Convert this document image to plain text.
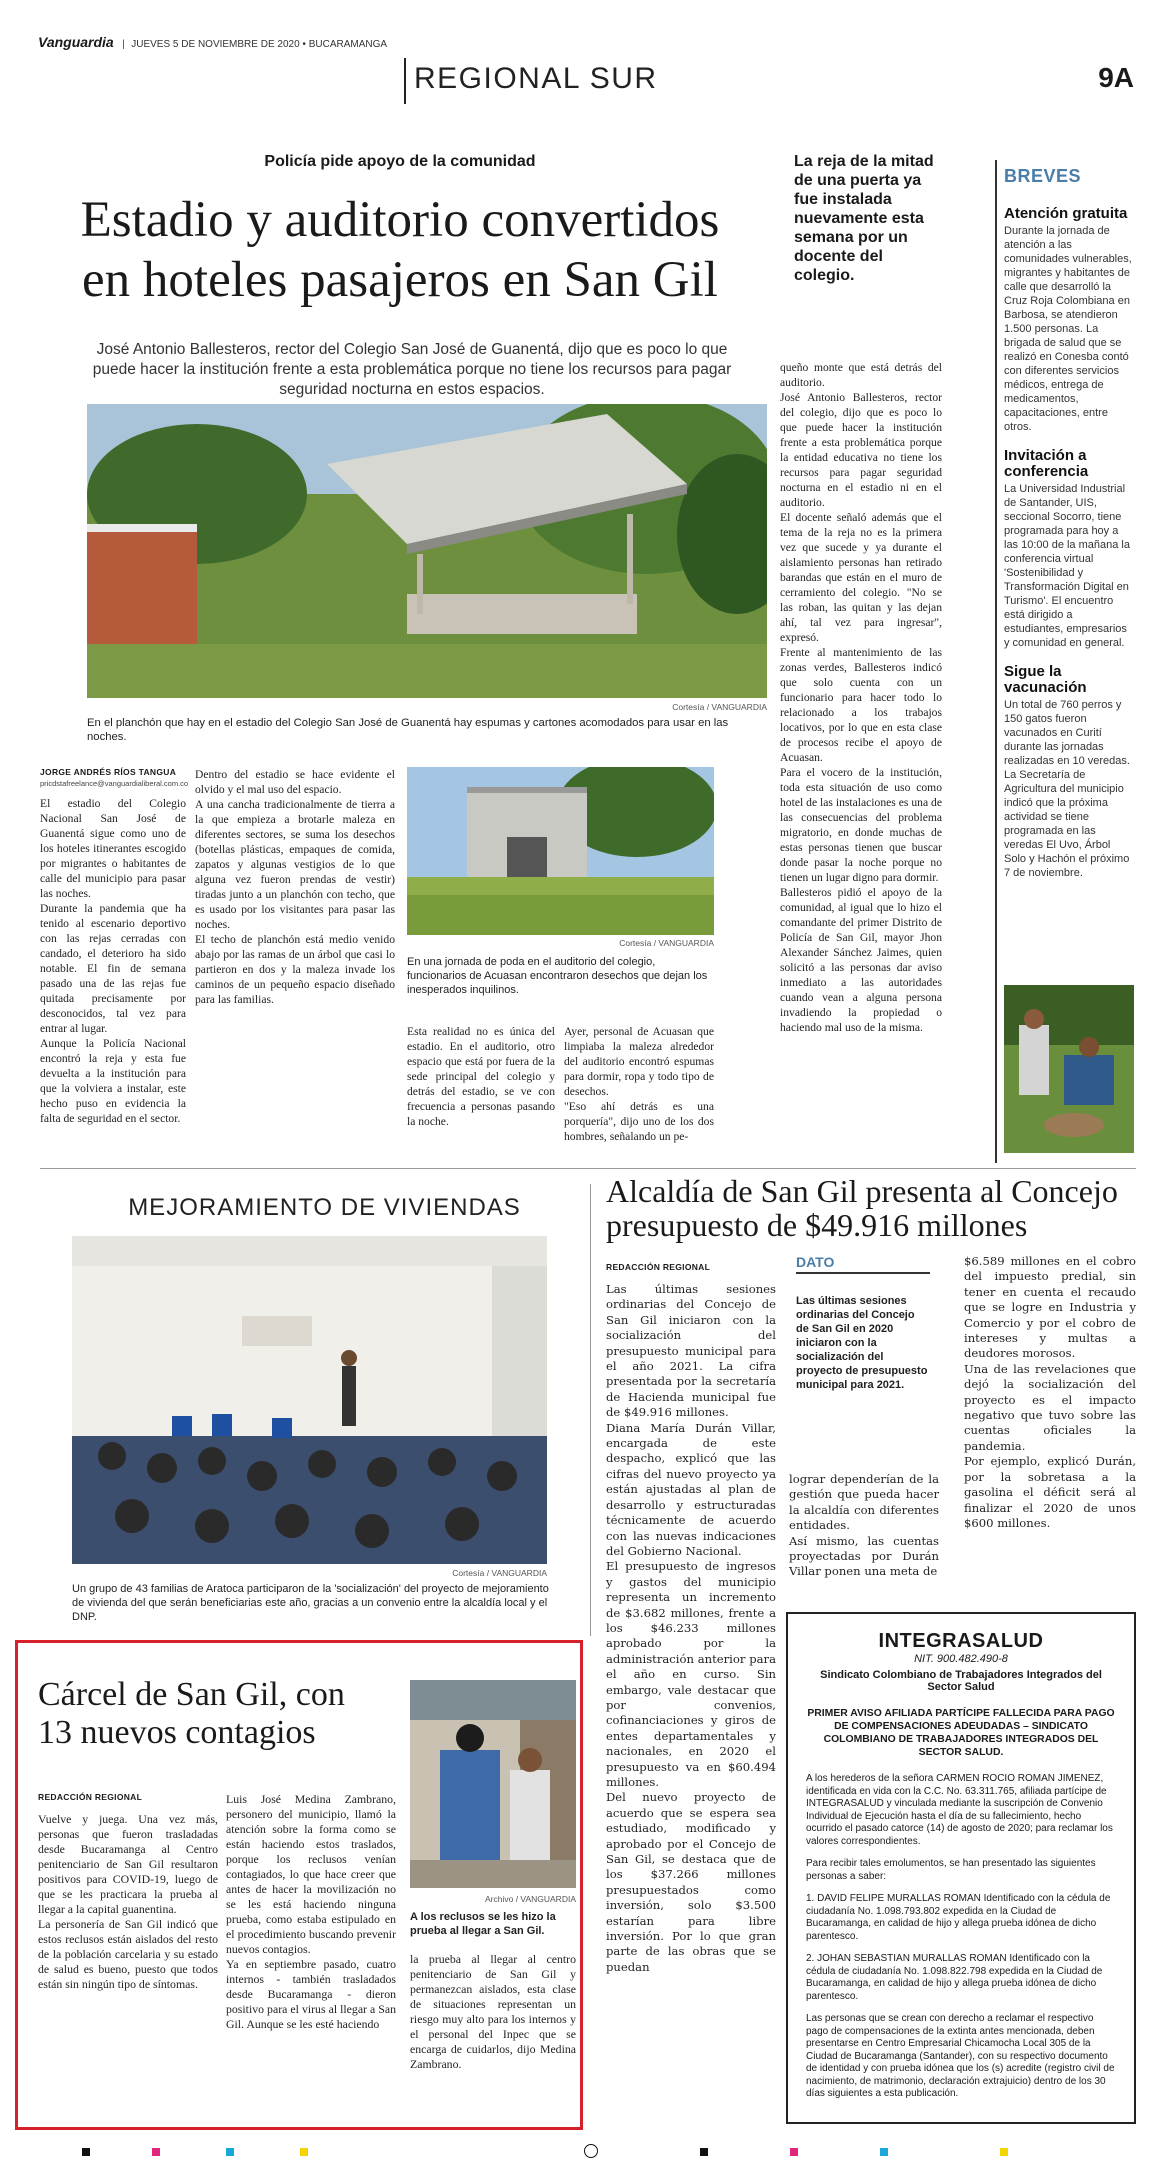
Vanguardia | JUEVES 5 DE NOVIEMBRE DE 2020 • BUCARAMANGA
REGIONAL SUR	9A
Policía pide apoyo de la comunidad
Estadio y auditorio convertidos
en hoteles pasajeros en San Gil
La reja de la mitad de una puerta ya fue instalada nuevamente esta semana por un docente del colegio.
José Antonio Ballesteros, rector del Colegio San José de Guanentá, dijo que es poco lo que puede hacer la institución frente a esta problemática porque no tiene los recursos para pagar seguridad nocturna en estos espacios.
Cortesía / VANGUARDIA
En el planchón que hay en el estadio del Colegio San José de Guanentá hay espumas y cartones acomodados para usar en las noches.
JORGE ANDRÉS RÍOS TANGUA
pricdstafreelance@vanguardialiberal.com.co
El estadio del Colegio Nacional San José de Guanentá sigue como uno de los hoteles itinerantes escogido por migrantes o habitantes de calle del municipio para pasar las noches.
Durante la pandemia que ha tenido al escenario deportivo con las rejas cerradas con candado, el deterioro ha sido notable. El fin de semana pasado una de las rejas fue quitada precisamente por desconocidos, tal vez para entrar al lugar.
Aunque la Policía Nacional encontró la reja y esta fue devuelta a la institución para que la volviera a instalar, este hecho puso en evidencia la falta de seguridad en el sector.
Dentro del estadio se hace evidente el olvido y el mal uso del espacio.
A una cancha tradicionalmente de tierra a la que empieza a brotarle maleza en diferentes sectores, se suma los desechos (botellas plásticas, empaques de comida, zapatos y algunas vestigios de lo que alguna vez fueron prendas de vestir) tiradas junto a un planchón con techo, que es usado por los visitantes para pasar las noches.
El techo de planchón está medio venido abajo por las ramas de un árbol que casi lo partieron en dos y la maleza invade los caminos de un pequeño espacio diseñado para las familias.
Cortesía / VANGUARDIA
En una jornada de poda en el auditorio del colegio, funcionarios de Acuasan encontraron desechos que dejan los inesperados inquilinos.
Esta realidad no es única del estadio. En el auditorio, otro espacio que está por fuera de la sede principal del colegio y detrás del estadio, se ve con frecuencia a personas pasando la noche.
Ayer, personal de Acuasan que limpiaba la maleza alrededor del auditorio encontró espumas para dormir, ropa y todo tipo de desechos.
"Eso ahí detrás es una porquería", dijo uno de los dos hombres, señalando un pe-
queño monte que está detrás del auditorio.
José Antonio Ballesteros, rector del colegio, dijo que es poco lo que puede hacer la institución frente a esta problemática porque la entidad educativa no tiene los recursos para pagar seguridad nocturna en el estadio ni en el auditorio.
El docente señaló además que el tema de la reja no es la primera vez que sucede y ya durante el aislamiento personas han retirado barandas que están en el muro de cerramiento del colegio. "No se las roban, las quitan y las dejan ahí, tal vez para ingresar", expresó.
Frente al mantenimiento de las zonas verdes, Ballesteros indicó que solo cuenta con un funcionario para hacer todo lo relacionado a los trabajos locativos, por lo que en esta clase de procesos recibe el apoyo de Acuasan.
Para el vocero de la institución, toda esta situación de uso como hotel de las instalaciones es una de las consecuencias del problema migratorio, en donde muchas de estas personas tienen que buscar donde pasar la noche porque no tienen un lugar digno para dormir.
Ballesteros pidió el apoyo de la comunidad, al igual que lo hizo el comandante del primer Distrito de Policía de San Gil, mayor Jhon Alexander Sánchez Jaimes, quien solicitó a las personas dar aviso inmediato a las autoridades cuando vean a alguna persona invadiendo la propiedad o haciendo mal uso de la misma.
BREVES
Atención gratuita
Durante la jornada de atención a las comunidades vulnerables, migrantes y habitantes de calle que desarrolló la Cruz Roja Colombiana en Barbosa, se atendieron 1.500 personas. La brigada de salud que se realizó en Conesba contó con diferentes servicios médicos, entrega de medicamentos, capacitaciones, entre otros.
Invitación a conferencia
La Universidad Industrial de Santander, UIS, seccional Socorro, tiene programada para hoy a las 10:00 de la mañana la conferencia virtual 'Sostenibilidad y Transformación Digital en Turismo'. El encuentro está dirigido a estudiantes, empresarios y comunidad en general.
Sigue la vacunación
Un total de 760 perros y 150 gatos fueron vacunados en Curití durante las jornadas realizadas en 10 veredas.
La Secretaría de Agricultura del municipio indicó que la próxima actividad se tiene programada en las veredas El Uvo, Árbol Solo y Hachón el próximo 7 de noviembre.
MEJORAMIENTO DE VIVIENDAS
Cortesía / VANGUARDIA
Un grupo de 43 familias de Aratoca participaron de la 'socialización' del proyecto de mejoramiento de vivienda del que serán beneficiarias este año, gracias a un convenio entre la alcaldía local y el DNP.
Alcaldía de San Gil presenta al Concejo presupuesto de $49.916 millones
REDACCIÓN REGIONAL
Las últimas sesiones ordinarias del Concejo de San Gil iniciaron con la socialización del presupuesto municipal para el año 2021. La cifra presentada por la secretaría de Hacienda municipal fue de $49.916 millones.
Diana María Durán Villar, encargada de este despacho, explicó que las cifras del nuevo proyecto ya están ajustadas al plan de desarrollo y estructuradas técnicamente de acuerdo con las nuevas indicaciones del Gobierno Nacional.
El presupuesto de ingresos y gastos del municipio representa un incremento de $3.682 millones, frente a los $46.233 millones aprobado por la administración anterior para el año en curso. Sin embargo, vale destacar que por convenios, cofinanciaciones y giros de entes departamentales y nacionales, en 2020 el presupuesto va en $60.494 millones.
Del nuevo proyecto de acuerdo que se espera sea estudiado, modificado y aprobado por el Concejo de San Gil, se destaca que de los $37.266 millones presupuestados como inversión, solo $3.500 estarían para libre inversión. Por lo que gran parte de las obras que se puedan
DATO
Las últimas sesiones ordinarias del Concejo de San Gil en 2020 iniciaron con la socialización del proyecto de presupuesto municipal para 2021.
lograr dependerían de la gestión que pueda hacer la alcaldía con diferentes entidades.
Así mismo, las cuentas proyectadas por Durán Villar ponen una meta de
$6.589 millones en el cobro del impuesto predial, sin tener en cuenta el recaudo que se logre en Industria y Comercio y por el cobro de intereses y multas a deudores morosos.
Una de las revelaciones que dejó la socialización del proyecto es el impacto negativo que tuvo sobre las cuentas oficiales la pandemia.
Por ejemplo, explicó Durán, por la sobretasa a la gasolina el déficit será al finalizar el 2020 de unos $600 millones.
Cárcel de San Gil, con
13 nuevos contagios
REDACCIÓN REGIONAL
Vuelve y juega. Una vez más, personas que fueron trasladadas desde Bucaramanga al Centro penitenciario de San Gil resultaron positivos para COVID-19, luego de que se les practicara la prueba al llegar a la capital guanentina.
La personería de San Gil indicó que estos reclusos están aislados del resto de la población carcelaria y su estado de salud es bueno, puesto que todos están sin ningún tipo de síntomas.
Luis José Medina Zambrano, personero del municipio, llamó la atención sobre la forma como se están haciendo estos traslados, porque los reclusos venían contagiados, lo que hace creer que antes de hacer la movilización no se les está haciendo ninguna prueba, como estaba estipulado en el procedimiento buscando prevenir nuevos contagios.
Ya en septiembre pasado, cuatro internos - también trasladados desde Bucaramanga - dieron positivo para el virus al llegar a San Gil. Aunque se les esté haciendo
Archivo / VANGUARDIA
A los reclusos se les hizo la prueba al llegar a San Gil.
la prueba al llegar al centro penitenciario de San Gil y permanezcan aislados, esta clase de situaciones representan un riesgo muy alto para los internos y el personal del Inpec que se encarga de cuidarlos, dijo Medina Zambrano.
INTEGRASALUD
NIT. 900.482.490-8
Sindicato Colombiano de Trabajadores Integrados del Sector Salud
PRIMER AVISO AFILIADA PARTÍCIPE FALLECIDA PARA PAGO DE COMPENSACIONES ADEUDADAS – SINDICATO COLOMBIANO DE TRABAJADORES INTEGRADOS DEL SECTOR SALUD.
A los herederos de la señora CARMEN ROCIO ROMAN JIMENEZ, identificada en vida con la C.C. No. 63.311.765, afiliada partícipe de INTEGRASALUD y vinculada mediante la suscripción de Convenio Individual de Ejecución hasta el día de su fallecimiento, hecho ocurrido el pasado catorce (14) de agosto de 2020; para reclamar los valores correspondientes.
Para recibir tales emolumentos, se han presentado las siguientes personas a saber:
1. DAVID FELIPE MURALLAS ROMAN Identificado con la cédula de ciudadanía No. 1.098.793.802 expedida en la Ciudad de Bucaramanga, en calidad de hijo y allega prueba idónea de dicho parentesco.
2. JOHAN SEBASTIAN MURALLAS ROMAN Identificado con la cédula de ciudadanía No. 1.098.822.798 expedida en la Ciudad de Bucaramanga, en calidad de hijo y allega prueba idónea de dicho parentesco.
Las personas que se crean con derecho a reclamar el respectivo pago de compensaciones de la extinta antes mencionada, deben presentarse en Centro Empresarial Chicamocha Local 305 de la Ciudad de Bucaramanga (Santander), con su respectivo documento de identidad y con prueba idónea que los (s) acredite (registro civil de nacimiento, de matrimonio, declaración extrajuicio) dentro de los 30 días siguientes a esta publicación.
